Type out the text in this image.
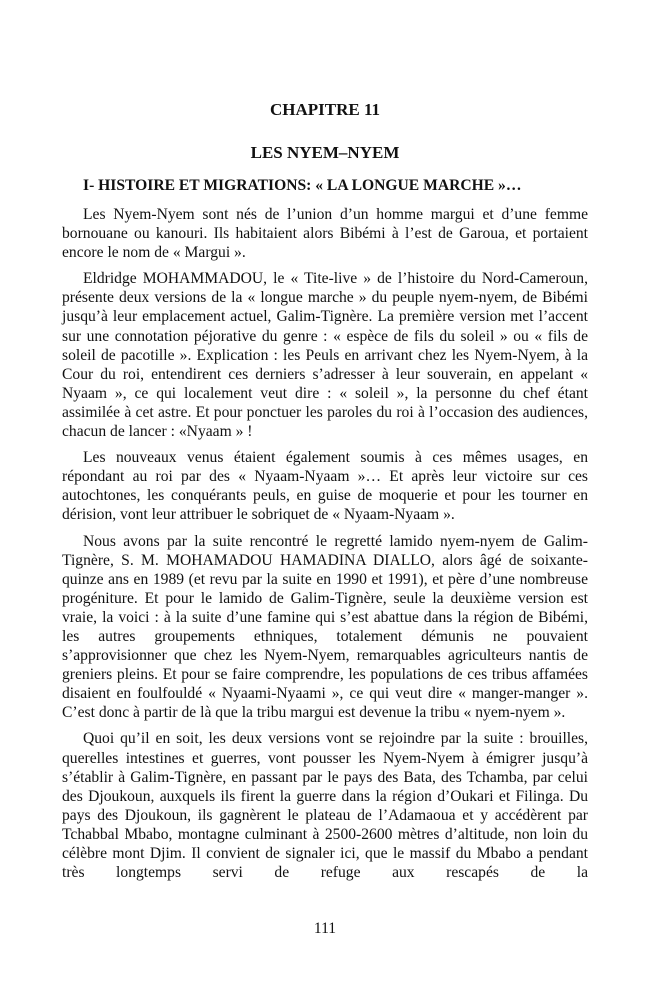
CHAPITRE 11
LES NYEM–NYEM
I- HISTOIRE ET MIGRATIONS: « LA LONGUE MARCHE »…

Les Nyem-Nyem sont nés de l’union d’un homme margui et d’une femme bornouane ou kanouri. Ils habitaient alors Bibémi à l’est de Garoua, et portaient encore le nom de « Margui ».

Eldridge MOHAMMADOU, le « Tite-live » de l’histoire du Nord-Cameroun, présente deux versions de la « longue marche » du peuple nyem-nyem, de Bibémi jusqu’à leur emplacement actuel, Galim-Tignère. La première version met l’accent sur une connotation péjorative du genre : « espèce de fils du soleil » ou « fils de soleil de pacotille ». Explication : les Peuls en arrivant chez les Nyem-Nyem, à la Cour du roi, entendirent ces derniers s’adresser à leur souverain, en appelant « Nyaam », ce qui localement veut dire : « soleil », la personne du chef étant assimilée à cet astre. Et pour ponctuer les paroles du roi à l’occasion des audiences, chacun de lancer : «Nyaam » !

Les nouveaux venus étaient également soumis à ces mêmes usages, en répondant au roi par des « Nyaam-Nyaam »… Et après leur victoire sur ces autochtones, les conquérants peuls, en guise de moquerie et pour les tourner en dérision, vont leur attribuer le sobriquet de « Nyaam-Nyaam ».

Nous avons par la suite rencontré le regretté lamido nyem-nyem de Galim-Tignère, S. M. MOHAMADOU HAMADINA DIALLO, alors âgé de soixante-quinze ans en 1989 (et revu par la suite en 1990 et 1991), et père d’une nombreuse progéniture. Et pour le lamido de Galim-Tignère, seule la deuxième version est vraie, la voici : à la suite d’une famine qui s’est abattue dans la région de Bibémi, les autres groupements ethniques, totalement démunis ne pouvaient s’approvisionner que chez les Nyem-Nyem, remarquables agriculteurs nantis de greniers pleins. Et pour se faire comprendre, les populations de ces tribus affamées disaient en foulfouldé « Nyaami-Nyaami », ce qui veut dire « manger-manger ». C’est donc à partir de là que la tribu margui est devenue la tribu « nyem-nyem ».

Quoi qu’il en soit, les deux versions vont se rejoindre par la suite : brouilles, querelles intestines et guerres, vont pousser les Nyem-Nyem à émigrer jusqu’à s’établir à Galim-Tignère, en passant par le pays des Bata, des Tchamba, par celui des Djoukoun, auxquels ils firent la guerre dans la région d’Oukari et Filinga. Du pays des Djoukoun, ils gagnèrent le plateau de l’Adamaoua et y accédèrent par Tchabbal Mbabo, montagne culminant à 2500-2600 mètres d’altitude, non loin du célèbre mont Djim. Il convient de signaler ici, que le massif du Mbabo a pendant très longtemps servi de refuge aux rescapés de la

111
